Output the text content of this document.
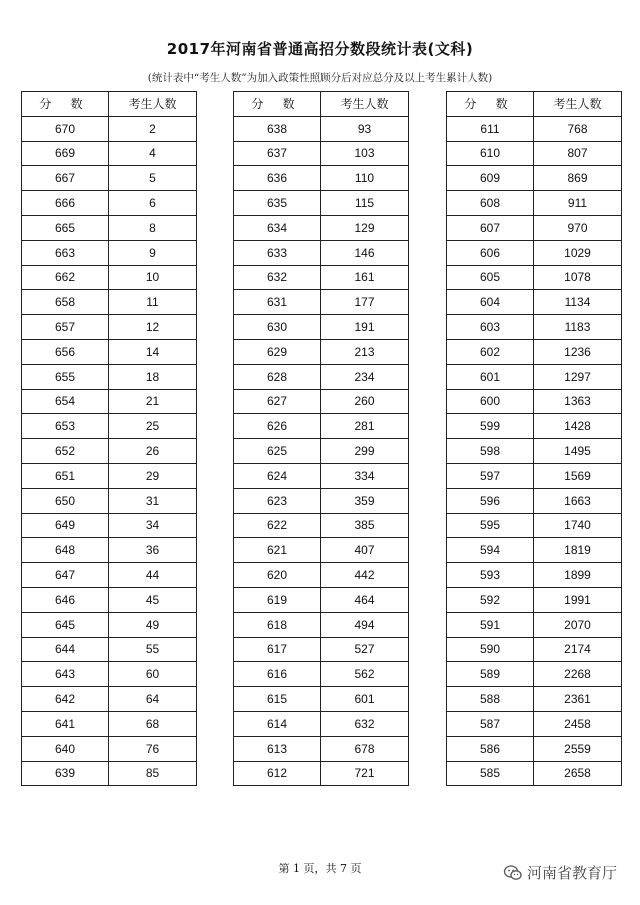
2017年河南省普通高招分数段统计表(文科)
(统计表中“考生人数”为加入政策性照顾分后对应总分及以上考生累计人数)
分 数	考生人数
670	2
669	4
667	5
666	6
665	8
663	9
662	10
658	11
657	12
656	14
655	18
654	21
653	25
652	26
651	29
650	31
649	34
648	36
647	44
646	45
645	49
644	55
643	60
642	64
641	68
640	76
639	85
分 数	考生人数
638	93
637	103
636	110
635	115
634	129
633	146
632	161
631	177
630	191
629	213
628	234
627	260
626	281
625	299
624	334
623	359
622	385
621	407
620	442
619	464
618	494
617	527
616	562
615	601
614	632
613	678
612	721
分 数	考生人数
611	768
610	807
609	869
608	911
607	970
606	1029
605	1078
604	1134
603	1183
602	1236
601	1297
600	1363
599	1428
598	1495
597	1569
596	1663
595	1740
594	1819
593	1899
592	1991
591	2070
590	2174
589	2268
588	2361
587	2458
586	2559
585	2658
第 1 页，共 7 页	河南省教育厅
